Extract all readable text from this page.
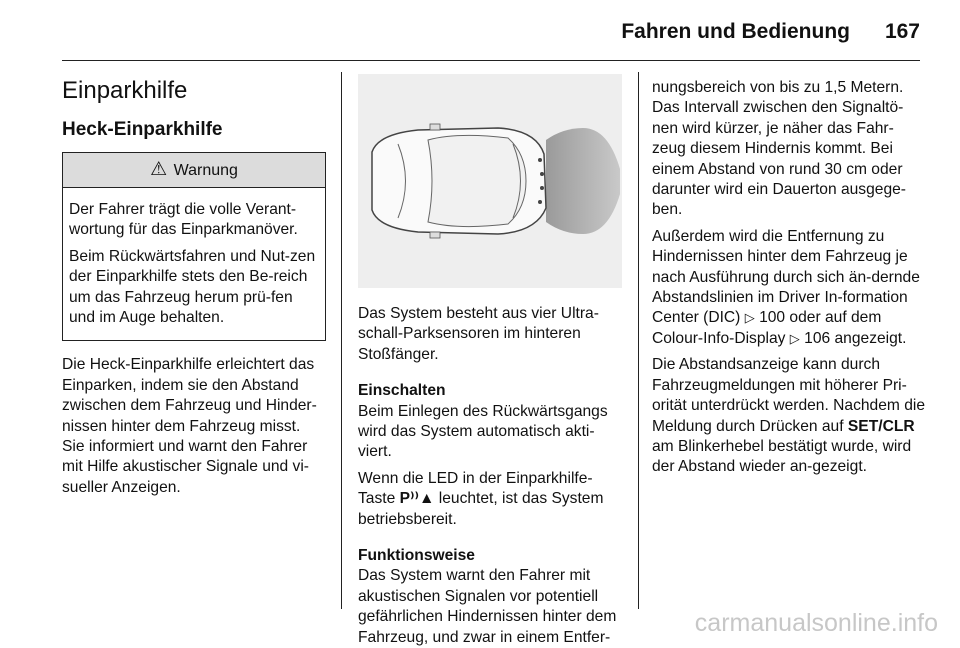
Fahren und Bedienung 167
Einparkhilfe
Heck-Einparkhilfe
⚠ Warnung

Der Fahrer trägt die volle Verant-wortung für das Einparkmanöver.

Beim Rückwärtsfahren und Nut-zen der Einparkhilfe stets den Be-reich um das Fahrzeug herum prü-fen und im Auge behalten.

Die Heck-Einparkhilfe erleichtert das Einparken, indem sie den Abstand zwischen dem Fahrzeug und Hinder-nissen hinter dem Fahrzeug misst. Sie informiert und warnt den Fahrer mit Hilfe akustischer Signale und vi-sueller Anzeigen.

Das System besteht aus vier Ultra-schall-Parksensoren im hinteren Stoßfänger.

Einschalten

Beim Einlegen des Rückwärtsgangs wird das System automatisch akti-viert.

Wenn die LED in der Einparkhilfe-Taste P⁾⁾▲ leuchtet, ist das System betriebsbereit.

Funktionsweise

Das System warnt den Fahrer mit akustischen Signalen vor potentiell gefährlichen Hindernissen hinter dem Fahrzeug, und zwar in einem Entfer-

nungsbereich von bis zu 1,5 Metern. Das Intervall zwischen den Signaltö-nen wird kürzer, je näher das Fahr-zeug diesem Hindernis kommt. Bei einem Abstand von rund 30 cm oder darunter wird ein Dauerton ausgege-ben.

Außerdem wird die Entfernung zu Hindernissen hinter dem Fahrzeug je nach Ausführung durch sich än-dernde Abstandslinien im Driver In-formation Center (DIC) ▷ 100 oder auf dem Colour-Info-Display ▷ 106 angezeigt.

Die Abstandsanzeige kann durch Fahrzeugmeldungen mit höherer Pri-orität unterdrückt werden. Nachdem die Meldung durch Drücken auf SET/CLR am Blinkerhebel bestätigt wurde, wird der Abstand wieder an-gezeigt.

carmanualsonline.info
